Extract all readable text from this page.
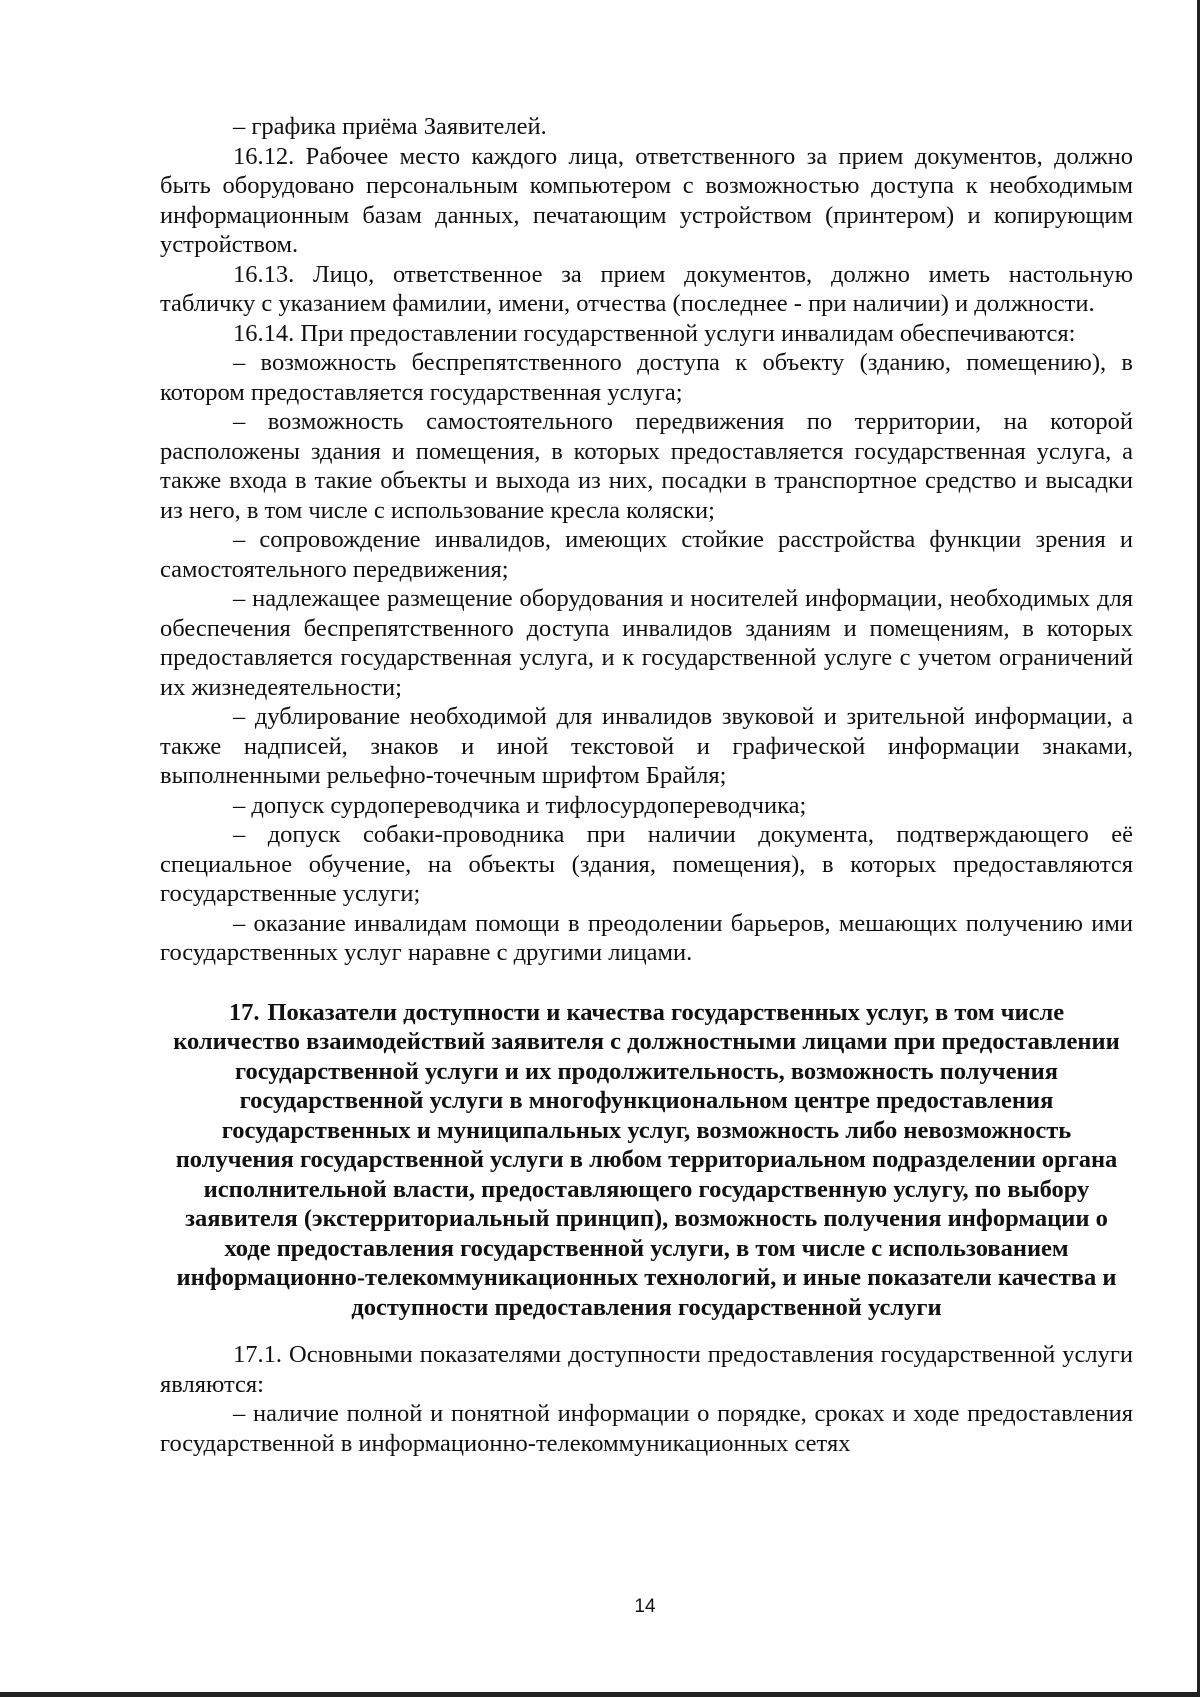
– графика приёма Заявителей.

16.12. Рабочее место каждого лица, ответственного за прием документов, должно быть оборудовано персональным компьютером с возможностью доступа к необходимым информационным базам данных, печатающим устройством (принтером) и копирующим устройством.

16.13. Лицо, ответственное за прием документов, должно иметь настольную табличку с указанием фамилии, имени, отчества (последнее - при наличии) и должности.

16.14. При предоставлении государственной услуги инвалидам обеспечиваются:

– возможность беспрепятственного доступа к объекту (зданию, помещению), в котором предоставляется государственная услуга;

– возможность самостоятельного передвижения по территории, на которой расположены здания и помещения, в которых предоставляется государственная услуга, а также входа в такие объекты и выхода из них, посадки в транспортное средство и высадки из него, в том числе с использование кресла коляски;

– сопровождение инвалидов, имеющих стойкие расстройства функции зрения и самостоятельного передвижения;

– надлежащее размещение оборудования и носителей информации, необходимых для обеспечения беспрепятственного доступа инвалидов зданиям и помещениям, в которых предоставляется государственная услуга, и к государственной услуге с учетом ограничений их жизнедеятельности;

– дублирование необходимой для инвалидов звуковой и зрительной информации, а также надписей, знаков и иной текстовой и графической информации знаками, выполненными рельефно-точечным шрифтом Брайля;

– допуск сурдопереводчика и тифлосурдопереводчика;

– допуск собаки-проводника при наличии документа, подтверждающего её специальное обучение, на объекты (здания, помещения), в которых предоставляются государственные услуги;

– оказание инвалидам помощи в преодолении барьеров, мешающих получению ими государственных услуг наравне с другими лицами.

17. Показатели доступности и качества государственных услуг, в том числе количество взаимодействий заявителя с должностными лицами при предоставлении государственной услуги и их продолжительность, возможность получения государственной услуги в многофункциональном центре предоставления государственных и муниципальных услуг, возможность либо невозможность получения государственной услуги в любом территориальном подразделении органа исполнительной власти, предоставляющего государственную услугу, по выбору заявителя (экстерриториальный принцип), возможность получения информации о ходе предоставления государственной услуги, в том числе с использованием информационно-телекоммуникационных технологий, и иные показатели качества и доступности предоставления государственной услуги

17.1. Основными показателями доступности предоставления государственной услуги являются:

– наличие полной и понятной информации о порядке, сроках и ходе предоставления государственной в информационно-телекоммуникационных сетях

14
